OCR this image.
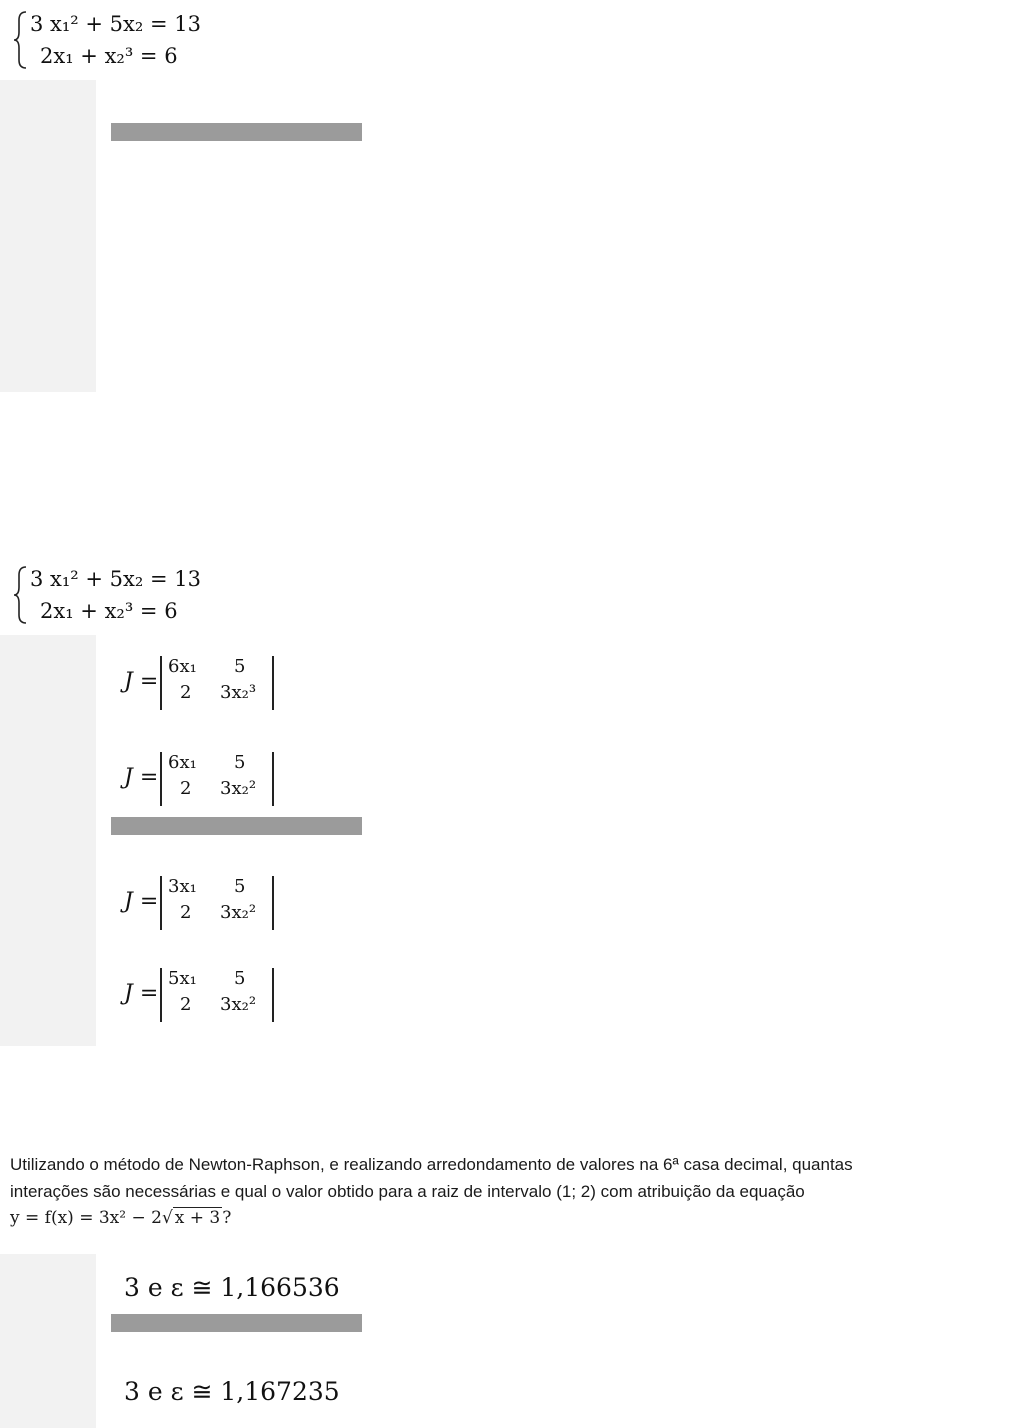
3 x₁² + 5x₂ = 13
2x₁ + x₂³ = 6
3 x₁² + 5x₂ = 13
2x₁ + x₂³ = 6
J =
6x₁ 5
2 3x₂³
J =
6x₁ 5
2 3x₂²
J =
3x₁ 5
2 3x₂²
J =
5x₁ 5
2 3x₂²
Utilizando o método de Newton-Raphson, e realizando arredondamento de valores na 6ª casa decimal, quantas
interações são necessárias e qual o valor obtido para a raiz de intervalo (1; 2) com atribuição da equação
y = f(x) = 3x² − 2√ x + 3 ?
3 e ε ≅ 1,166536
3 e ε ≅ 1,167235
